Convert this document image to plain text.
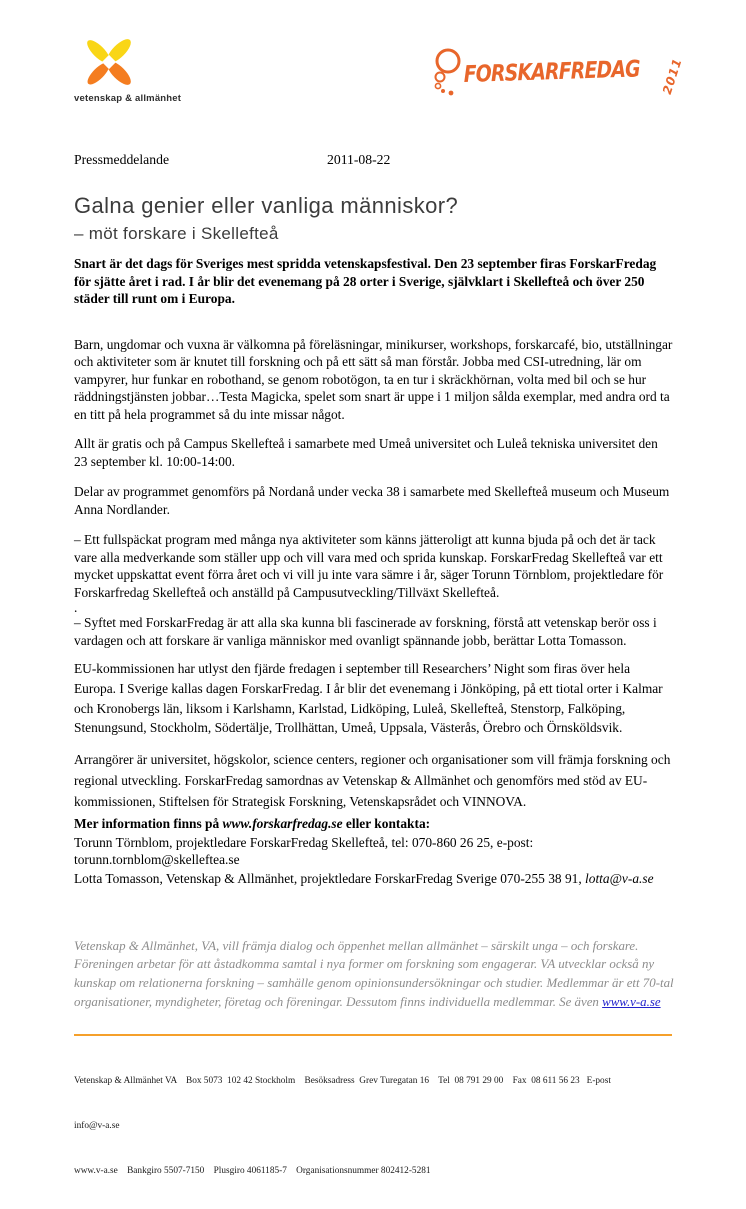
vetenskap & allmänhet
FORSKARFREDAG 2011
Pressmeddelande	2011-08-22
Galna genier eller vanliga människor?
– möt forskare i Skellefteå

Snart är det dags för Sveriges mest spridda vetenskapsfestival. Den 23 september firas ForskarFredag för sjätte året i rad. I år blir det evenemang på 28 orter i Sverige, självklart i Skellefteå och över 250 städer till runt om i Europa.

Barn, ungdomar och vuxna är välkomna på föreläsningar, minikurser, workshops, forskarcafé, bio, utställningar och aktiviteter som är knutet till forskning och på ett sätt så man förstår. Jobba med CSI-utredning, lär om vampyrer, hur funkar en robothand, se genom robotögon, ta en tur i skräckhörnan, volta med bil och se hur räddningstjänsten jobbar…Testa Magicka, spelet som snart är uppe i 1 miljon sålda exemplar, med andra ord ta en titt på hela programmet så du inte missar något.

Allt är gratis och på Campus Skellefteå i samarbete med Umeå universitet och Luleå tekniska universitet den 23 september kl. 10:00-14:00.

Delar av programmet genomförs på Nordanå under vecka 38 i samarbete med Skellefteå museum och Museum Anna Nordlander.

– Ett fullspäckat program med många nya aktiviteter som känns jätteroligt att kunna bjuda på och det är tack vare alla medverkande som ställer upp och vill vara med och sprida kunskap. ForskarFredag Skellefteå var ett mycket uppskattat event förra året och vi vill ju inte vara sämre i år, säger Torunn Törnblom, projektledare för Forskarfredag Skellefteå och anställd på Campusutveckling/Tillväxt Skellefteå.

.

– Syftet med ForskarFredag är att alla ska kunna bli fascinerade av forskning, förstå att vetenskap berör oss i vardagen och att forskare är vanliga människor med ovanligt spännande jobb, berättar Lotta Tomasson.

EU-kommissionen har utlyst den fjärde fredagen i september till Researchers’ Night som firas över hela Europa. I Sverige kallas dagen ForskarFredag. I år blir det evenemang i Jönköping, på ett tiotal orter i Kalmar och Kronobergs län, liksom i Karlshamn, Karlstad, Lidköping, Luleå, Skellefteå, Stenstorp, Falköping, Stenungsund, Stockholm, Södertälje, Trollhättan, Umeå, Uppsala, Västerås, Örebro och Örnsköldsvik.

Arrangörer är universitet, högskolor, science centers, regioner och organisationer som vill främja forskning och regional utveckling. ForskarFredag samordnas av Vetenskap & Allmänhet och genomförs med stöd av EU-kommissionen, Stiftelsen för Strategisk Forskning, Vetenskapsrådet och VINNOVA.

Mer information finns på www.forskarfredag.se eller kontakta:

Torunn Törnblom, projektledare ForskarFredag Skellefteå, tel: 070-860 26 25, e-post: torunn.tornblom@skelleftea.se

Lotta Tomasson, Vetenskap & Allmänhet, projektledare ForskarFredag Sverige 070-255 38 91, lotta@v-a.se

Vetenskap & Allmänhet, VA, vill främja dialog och öppenhet mellan allmänhet – särskilt unga – och forskare. Föreningen arbetar för att åstadkomma samtal i nya former om forskning som engagerar. VA utvecklar också ny kunskap om relationerna forskning – samhälle genom opinionsundersökningar och studier. Medlemmar är ett 70-tal organisationer, myndigheter, företag och föreningar. Dessutom finns individuella medlemmar. Se även www.v-a.se

Vetenskap & Allmänhet VA    Box 5073  102 42 Stockholm    Besöksadress  Grev Turegatan 16    Tel  08 791 29 00    Fax  08 611 56 23   E-post

info@v-a.se

www.v-a.se    Bankgiro 5507-7150    Plusgiro 4061185-7    Organisationsnummer 802412-5281
